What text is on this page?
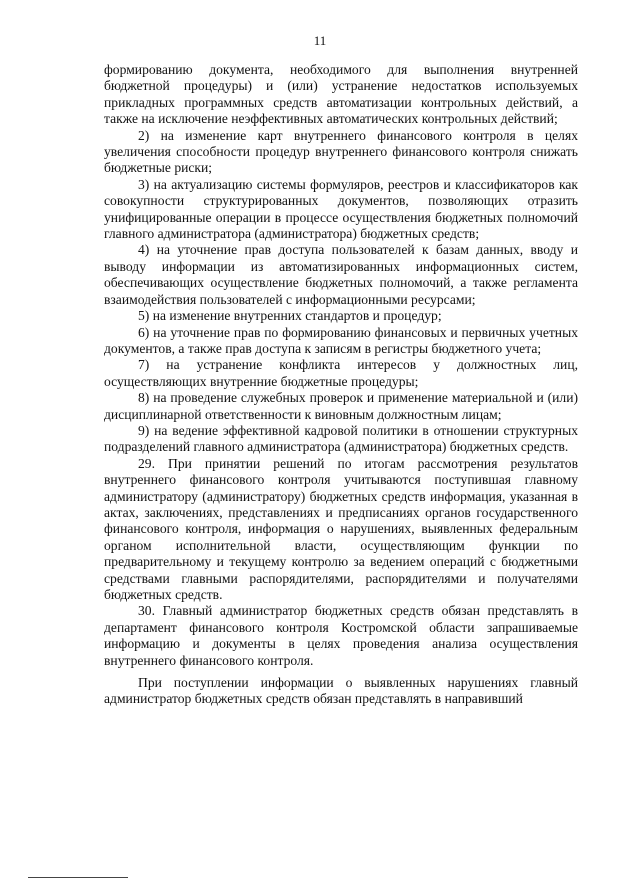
11

формированию документа, необходимого для выполнения внутренней бюджетной процедуры) и (или) устранение недостатков используемых прикладных программных средств автоматизации контрольных действий, а также на исключение неэффективных автоматических контрольных действий;

2) на изменение карт внутреннего финансового контроля в целях увеличения способности процедур внутреннего финансового контроля снижать бюджетные риски;

3) на актуализацию системы формуляров, реестров и классификаторов как совокупности структурированных документов, позволяющих отразить унифицированные операции в процессе осуществления бюджетных полномочий главного администратора (администратора) бюджетных средств;

4) на уточнение прав доступа пользователей к базам данных, вводу и выводу информации из автоматизированных информационных систем, обеспечивающих осуществление бюджетных полномочий, а также регламента взаимодействия пользователей с информационными ресурсами;

5) на изменение внутренних стандартов и процедур;

6) на уточнение прав по формированию финансовых и первичных учетных документов, а также прав доступа к записям в регистры бюджетного учета;

7) на устранение конфликта интересов у должностных лиц, осуществляющих внутренние бюджетные процедуры;

8) на проведение служебных проверок и применение материальной и (или) дисциплинарной ответственности к виновным должностным лицам;

9) на ведение эффективной кадровой политики в отношении структурных подразделений главного администратора (администратора) бюджетных средств.

29. При принятии решений по итогам рассмотрения результатов внутреннего финансового контроля учитываются поступившая главному администратору (администратору) бюджетных средств информация, указанная в актах, заключениях, представлениях и предписаниях органов государственного финансового контроля, информация о нарушениях, выявленных федеральным органом исполнительной власти, осуществляющим функции по предварительному и текущему контролю за ведением операций с бюджетными средствами главными распорядителями, распорядителями и получателями бюджетных средств.

30. Главный администратор бюджетных средств обязан представлять в департамент финансового контроля Костромской области запрашиваемые информацию и документы в целях проведения анализа осуществления внутреннего финансового контроля.

При поступлении информации о выявленных нарушениях главный администратор бюджетных средств обязан представлять в направивший
